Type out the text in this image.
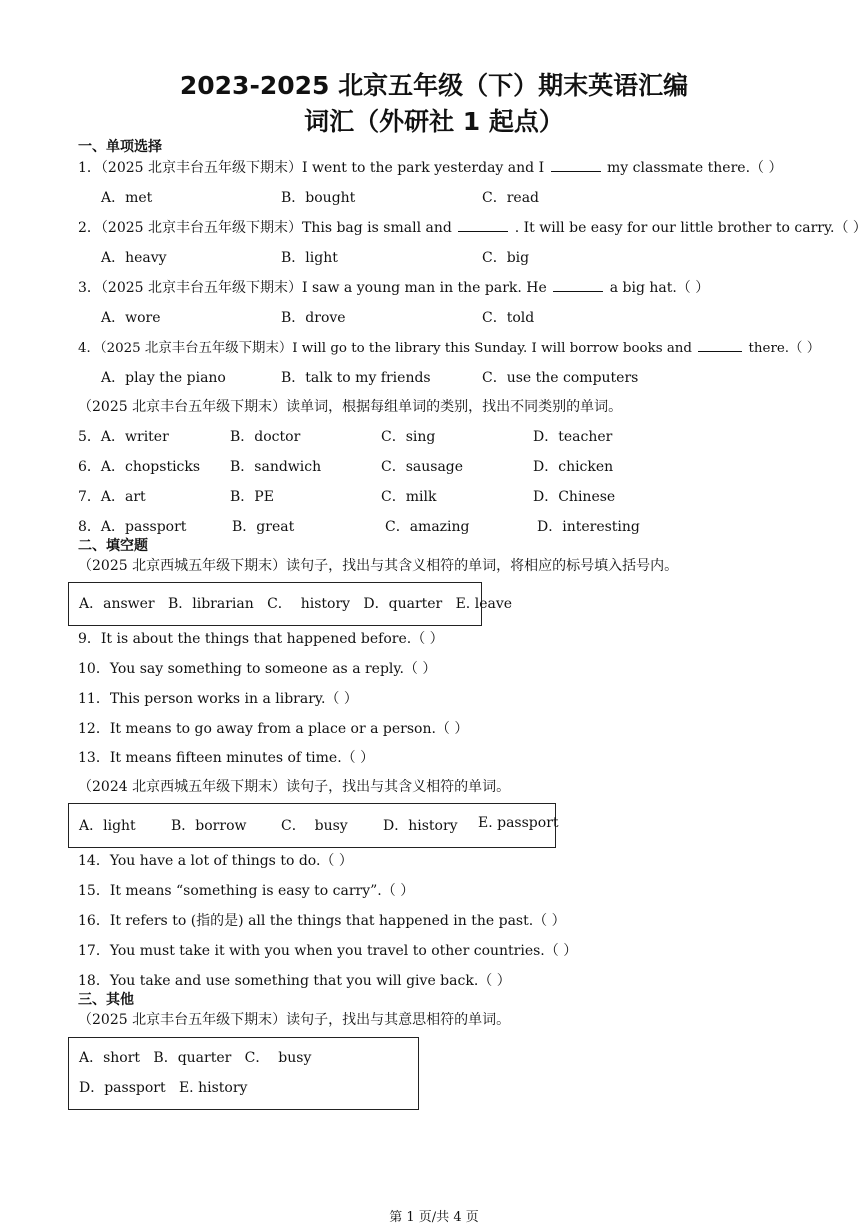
2023-2025 北京五年级（下）期末英语汇编
词汇（外研社 1 起点）
一、单项选择
1．（2025 北京丰台五年级下期末）I went to the park yesterday and I	my classmate there.（ ）
A．met	B．bought	C．read
2．（2025 北京丰台五年级下期末）This bag is small and	. It will be easy for our little brother to carry.（ ）
A．heavy	B．light	C．big
3．（2025 北京丰台五年级下期末）I saw a young man in the park. He	a big hat.（ ）
A．wore	B．drove	C．told
4．（2025 北京丰台五年级下期末）I will go to the library this Sunday. I will borrow books and	there.（ ）
A．play the piano	B．talk to my friends	C．use the computers
（2025 北京丰台五年级下期末）读单词，根据每组单词的类别，找出不同类别的单词。
5．A．writer	B．doctor	C．sing	D．teacher
6．A．chopsticks B．sandwich	C．sausage	D．chicken
7．A．art	B．PE	C．milk	D．Chinese
8．A．passport	B．great	C．amazing	D．interesting
二、填空题
（2025 北京西城五年级下期末）读句子，找出与其含义相符的单词，将相应的标号填入括号内。
A．answer   B．librarian   C．  history   D．quarter   E. leave
9．It is about the things that happened before.（ ）
10．You say something to someone as a reply.（ ）
11．This person works in a library.（ ）
12．It means to go away from a place or a person.（ ）
13．It means fifteen minutes of time.（ ）
（2024 北京西城五年级下期末）读句子，找出与其含义相符的单词。
A．light	B．borrow C．  busy	D．history E. passport
14．You have a lot of things to do.（ ）
15．It means “something is easy to carry”.（ ）
16．It refers to (指的是) all the things that happened in the past.（ ）
17．You must take it with you when you travel to other countries.（ ）
18．You take and use something that you will give back.（ ）
三、其他
（2025 北京丰台五年级下期末）读句子，找出与其意思相符的单词。
A．short   B．quarter   C．  busy
D．passport   E. history
第 1 页/共 4 页
